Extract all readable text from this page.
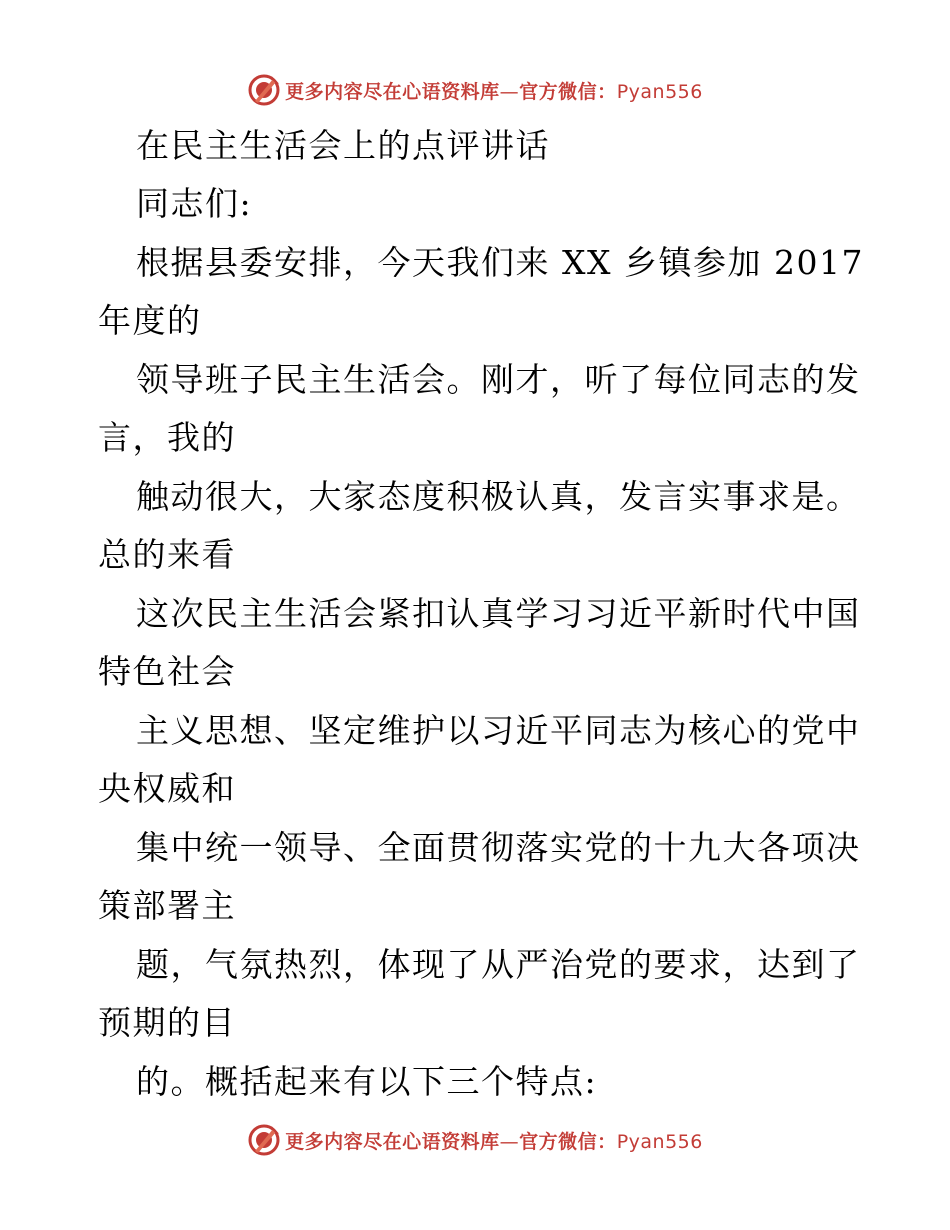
更多内容尽在心语资料库—官方微信：Pyan556
在民主生活会上的点评讲话
同志们:
根据县委安排，今天我们来 XX 乡镇参加 2017
年度的
领导班子民主生活会。刚才，听了每位同志的发
言，我的
触动很大，大家态度积极认真，发言实事求是。
总的来看
这次民主生活会紧扣认真学习习近平新时代中国
特色社会
主义思想、坚定维护以习近平同志为核心的党中
央权威和
集中统一领导、全面贯彻落实党的十九大各项决
策部署主
题，气氛热烈，体现了从严治党的要求，达到了
预期的目
的。概括起来有以下三个特点:
更多内容尽在心语资料库—官方微信：Pyan556
